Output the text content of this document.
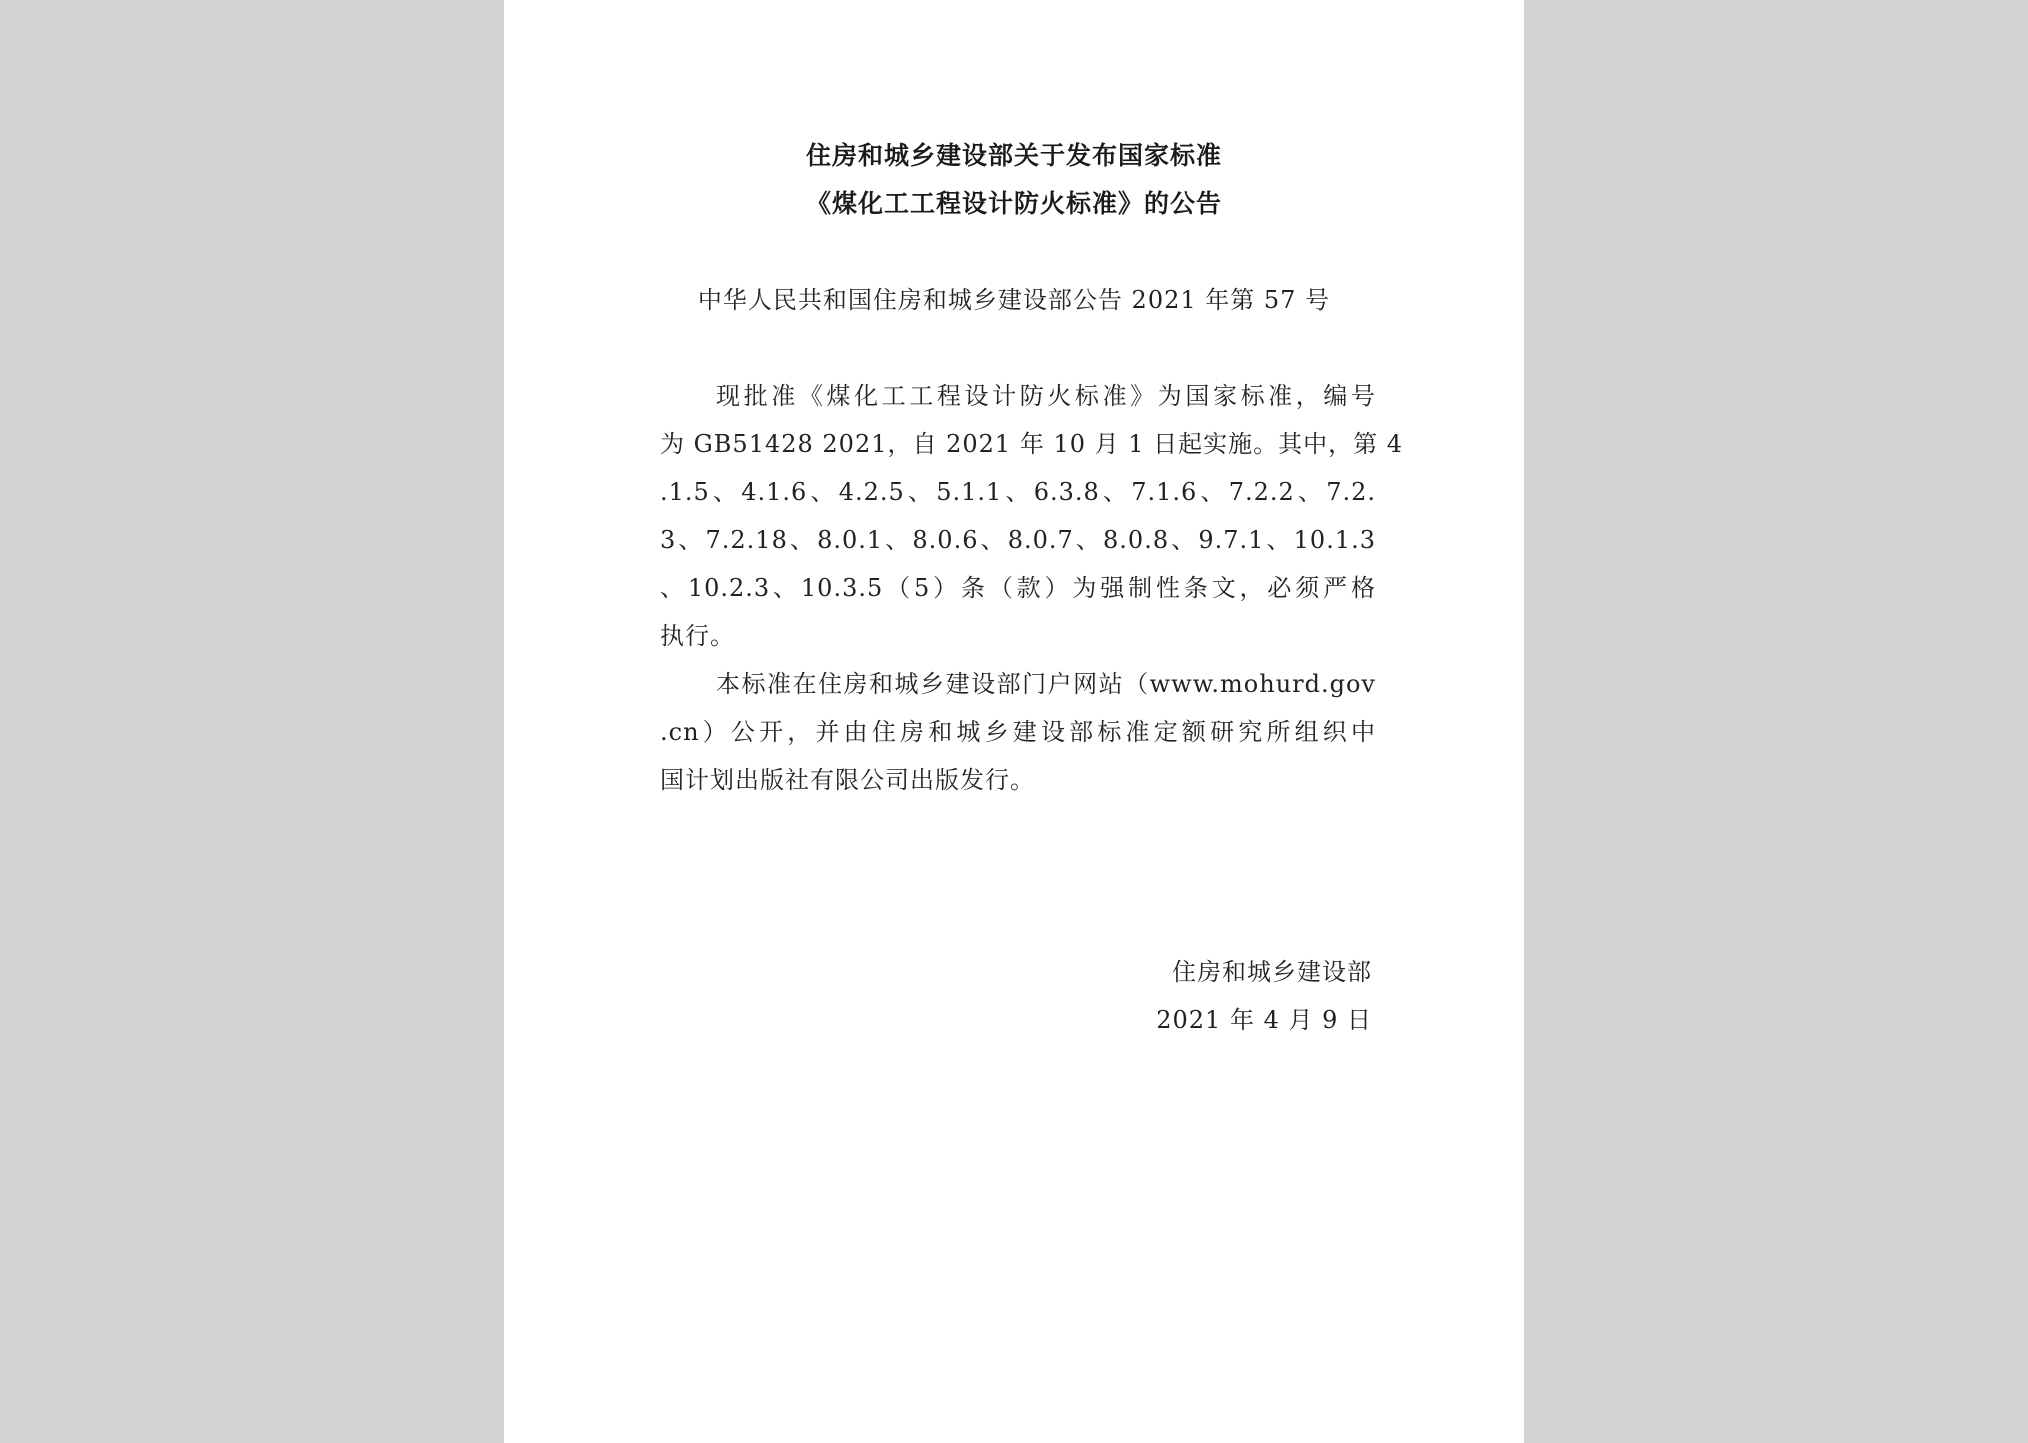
住房和城乡建设部关于发布国家标准
《煤化工工程设计防火标准》的公告
中华人民共和国住房和城乡建设部公告 2021 年第 57 号
现批准《煤化工工程设计防火标准》为国家标准，编号
为 GB51428 2021，自 2021 年 10 月 1 日起实施。其中，第 4
.1.5、4.1.6、4.2.5、5.1.1、6.3.8、7.1.6、7.2.2、7.2.
3、7.2.18、8.0.1、8.0.6、8.0.7、8.0.8、9.7.1、10.1.3
、10.2.3、10.3.5（5）条（款）为强制性条文，必须严格
执行。
本标准在住房和城乡建设部门户网站（www.mohurd.gov
.cn）公开，并由住房和城乡建设部标准定额研究所组织中
国计划出版社有限公司出版发行。
住房和城乡建设部
2021 年 4 月 9 日
